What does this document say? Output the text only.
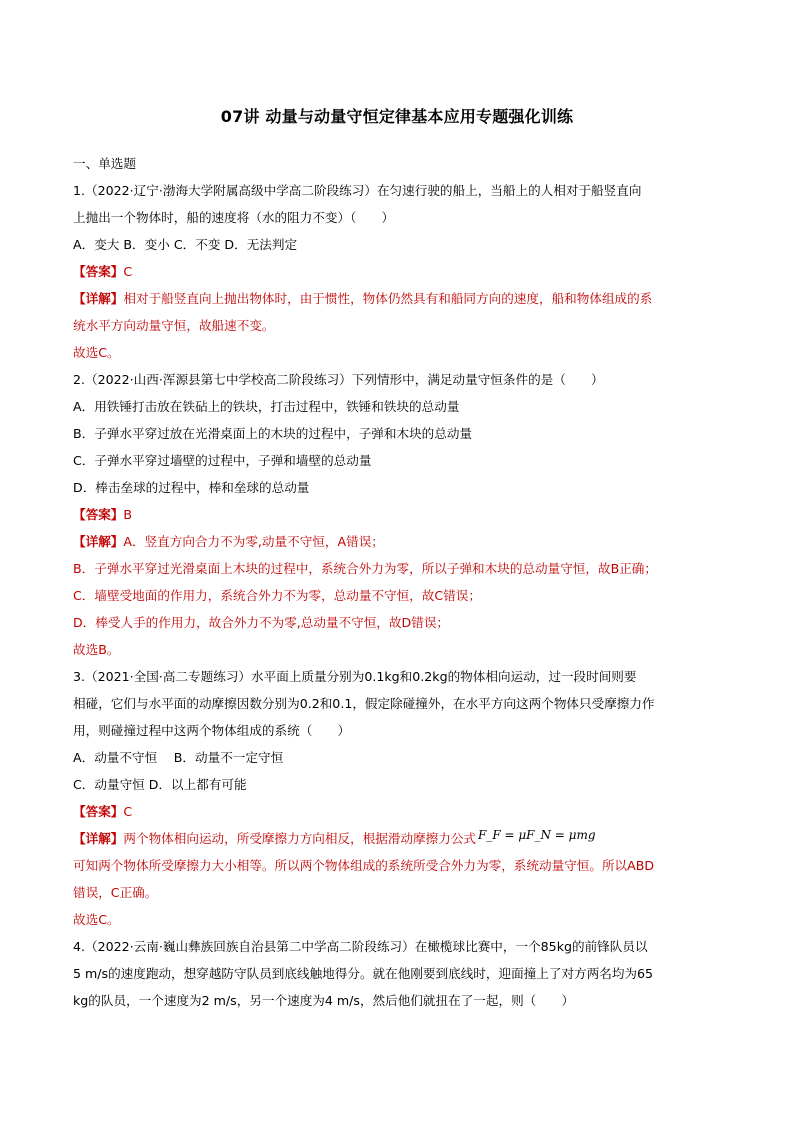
07讲 动量与动量守恒定律基本应用专题强化训练
一、单选题
1.（2022·辽宁·渤海大学附属高级中学高二阶段练习）在匀速行驶的船上，当船上的人相对于船竖直向
上抛出一个物体时，船的速度将（水的阻力不变）（　　）
A．变大 B．变小 C．不变 D．无法判定
【答案】C
【详解】相对于船竖直向上抛出物体时，由于惯性，物体仍然具有和船同方向的速度，船和物体组成的系
统水平方向动量守恒，故船速不变。
故选C。
2.（2022·山西·浑源县第七中学校高二阶段练习）下列情形中，满足动量守恒条件的是（　　）
A．用铁锤打击放在铁砧上的铁块，打击过程中，铁锤和铁块的总动量
B．子弹水平穿过放在光滑桌面上的木块的过程中，子弹和木块的总动量
C．子弹水平穿过墙壁的过程中，子弹和墙壁的总动量
D．棒击垒球的过程中，棒和垒球的总动量
【答案】B
【详解】A．竖直方向合力不为零,动量不守恒，A错误；
B．子弹水平穿过光滑桌面上木块的过程中，系统合外力为零，所以子弹和木块的总动量守恒，故B正确；
C．墙壁受地面的作用力，系统合外力不为零，总动量不守恒，故C错误；
D．棒受人手的作用力，故合外力不为零,总动量不守恒，故D错误；
故选B。
3.（2021·全国·高二专题练习）水平面上质量分别为0.1kg和0.2kg的物体相向运动，过一段时间则要
相碰，它们与水平面的动摩擦因数分别为0.2和0.1，假定除碰撞外，在水平方向这两个物体只受摩擦力作
用，则碰撞过程中这两个物体组成的系统（　　）
A．动量不守恒　 B．动量不一定守恒
C．动量守恒 D．以上都有可能
【答案】C
【详解】两个物体相向运动，所受摩擦力方向相反，根据滑动摩擦力公式 F_F = μF_N = μmg
可知两个物体所受摩擦力大小相等。所以两个物体组成的系统所受合外力为零，系统动量守恒。所以ABD
错误，C正确。
故选C。
4.（2022·云南·巍山彝族回族自治县第二中学高二阶段练习）在橄榄球比赛中，一个85kg的前锋队员以
5 m/s的速度跑动，想穿越防守队员到底线触地得分。就在他刚要到底线时，迎面撞上了对方两名均为65
kg的队员，一个速度为2 m/s，另一个速度为4 m/s，然后他们就扭在了一起，则（　　）
